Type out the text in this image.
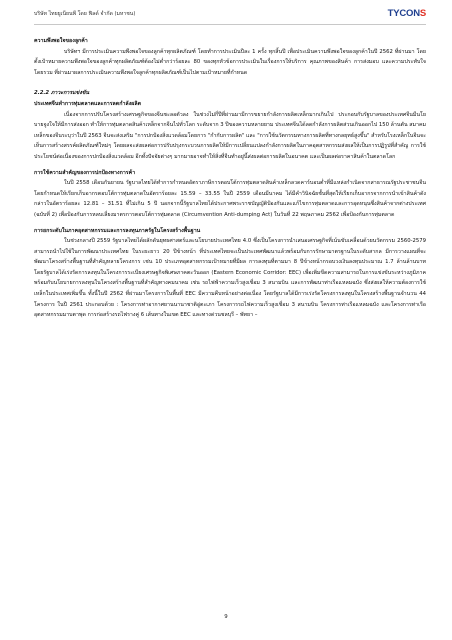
บริษัท ไทยยูเนียนพี โดย ฟิลด์ จำกัด (มหาชน)	TYCONS

ความพึงพอใจของลูกค้า

บริษัทฯ มีการประเมินความพึงพอใจของลูกค้าทุกผลิตภัณฑ์ โดยทำการประเมินปีละ 1 ครั้ง ทุกสิ้นปี เพื่อประเมินความพึงพอใจของลูกค้าในปี 2562 ที่ผ่านมา โดยตั้งเป้าหมายความพึงพอใจของลูกค้าทุกผลิตภัณฑ์ต้องไม่ต่ำกว่าร้อยละ 80 ของทุกหัวข้อการประเมินในเรื่องการให้บริการ คุณภาพของสินค้า การส่งมอบ และความประทับใจโดยรวม ที่ผ่านมาผลการประเมินความพึงพอใจลูกค้าทุกผลิตภัณฑ์เป็นไปตามเป้าหมายที่กำหนด

2.2.2 ภาวะการแข่งขัน

ประเทศจีนทำการทุ่มตลาดและการลดกำลังผลิต

เนื่องจากการปรับโครงสร้างเศรษฐกิจของจีนชะลอตัวลง ในช่วงไม่กี่ปีที่ผ่านมามีการขยายกำลังการผลิตเหล็กมากเกินไป ประกอบกับรัฐบาลของประเทศจีนมีนโยบายจูงใจให้มีการส่งออก ทำให้การทุ่มตลาดสินค้าเหล็กจากจีนไปทั่วโลก ระดับจาก 3 ปีของความหลายยาม ประเทศจีนได้ลดกำลังการผลิตส่วนเกินออกไป 150 ล้านตัน สมาคมเหล็กของจีนระบุว่าในปี 2563 จีนจะส่งเสริม "การปกป้องสิ่งแวดล้อมโดยการ "กำกับการผลิต" และ "การใช้นวัตกรรมทางการผลิตที่ทางกลยุทธ์สูงขึ้น" สำหรับโรงเหล็กในจีนจะเห็นการสร้างสรรค์ผลิตภัณฑ์ใหม่ๆ โดยผลจะส่งผลต่อการปรับปรุงกระบวนการผลิตให้มีการเปลี่ยนแปลงกำลังการผลิตในภาคอุตสาหกรรมส่งผลให้เป็นการปฏิรูปที่สำคัญ การใช้ประโยชน์ต่อเนื่องของการปกป้องสิ่งแวดล้อม อีกทั้งปัจจัยต่างๆ มากมายอาจทำให้สิ่งที่จีนทำอยู่นี้ส่งผลต่อการผลิตในอนาคต และเป็นผลต่อราคาสินค้าในตลาดโลก

การใช้ความสำคัญของการปกป้องทางการค้า

ในปี 2558 เดือนกันยายน รัฐบาลไทยได้ทำการกำหนดอัตราภาษีการตอบโต้การทุ่มตลาดสินค้าเหล็กลวดคาร์บอนต่ำที่มีแหล่งกำเนิดจากสาธารณรัฐประชาชนจีน โดยกำหนดให้เรียกเก็บอากรตอบโต้การทุ่มตลาดในอัตราร้อยละ 15.59 – 33.55 ในปี 2559 เดือนมีนาคม ได้มีคำวินิจฉัยชั้นที่สุดให้เรียกเก็บอากรจากการนำเข้าสินค้าดังกล่าวในอัตราร้อยละ 12.81 – 31.51 ที่ไม่เกิน 5 ปี นอกจากนี้รัฐบาลไทยได้ประกาศพระราชบัญญัติป้องกันและแก้ไขการทุ่มตลาดและการอุดหนุนซึ่งสินค้าจากต่างประเทศ (ฉบับที่ 2) เพื่อป้องกันการหลบเลี่ยงมาตรการตอบโต้การทุ่มตลาด (Circumvention Anti-dumping Act) ในวันที่ 22 พฤษภาคม 2562 เพื่อป้องกันการทุ่มตลาด

การยกระดับในภาคอุตสาหกรรมและการลงทุนภาครัฐในโครงสร้างพื้นฐาน

ในช่วงกลางปี 2559 รัฐบาลไทยได้ผลักดันยุทธศาสตร์และนโยบายประเทศไทย 4.0 ซึ่งเป็นโครงการนำเสนอเศรษฐกิจที่เน้นขับเคลื่อนด้วยนวัตกรรม 2560-2579 สามารถนำไปใช้ในการพัฒนาประเทศไทย ในระยะยาว 20 ปีข้างหน้า ที่ประเทศไทยจะเป็นประเทศพัฒนาแล้วพร้อมกับการรักษามาตรฐานในระดับสากล มีการวางแผนที่จะพัฒนาโครงสร้างพื้นฐานที่สำคัญหลายโครงการ เช่น 10 ประเภทอุตสาหกรรมเป้าหมายที่มีผล การลงทุนที่ตามมา 8 ปีข้างหน้ากรอบวงเงินลงทุนประมาณ 1.7 ล้านล้านบาท โดยรัฐบาลได้เร่งรัดการลงทุนในโครงการระเบียงเศรษฐกิจพิเศษภาคตะวันออก (Eastern Economic Corridor: EEC) เพื่อเพิ่มขีดความสามารถในการแข่งขันระหว่างภูมิภาค พร้อมกับนโยบายการลงทุนในโครงสร้างพื้นฐานที่สำคัญทางคมนาคม เช่น รถไฟฟ้าความเร็วสูงเชื่อม 3 สนามบิน และการพัฒนาท่าเรือแหลมฉบัง ซึ่งส่งผลให้ความต้องการใช้เหล็กในประเทศเพิ่มขึ้น ทั้งนี้ในปี 2562 ที่ผ่านมาโครงการในพื้นที่ EEC มีความคืบหน้าอย่างต่อเนื่อง โดยรัฐบาลได้มีการเร่งรัดโครงการลงทุนในโครงสร้างพื้นฐานจำนวน 44 โครงการ ในปี 2561 ประกอบด้วย : โครงการท่าอากาศยานนานาชาติอู่ตะเภา โครงการรถไฟความเร็วสูงเชื่อม 3 สนามบิน โครงการท่าเรือแหลมฉบัง และโครงการท่าเรืออุตสาหกรรมมาบตาพุด การก่อสร้างรถไฟรางคู่ 6 เส้นทางในเขต EEC และทางด่วนชลบุรี – พัทยา –

9
